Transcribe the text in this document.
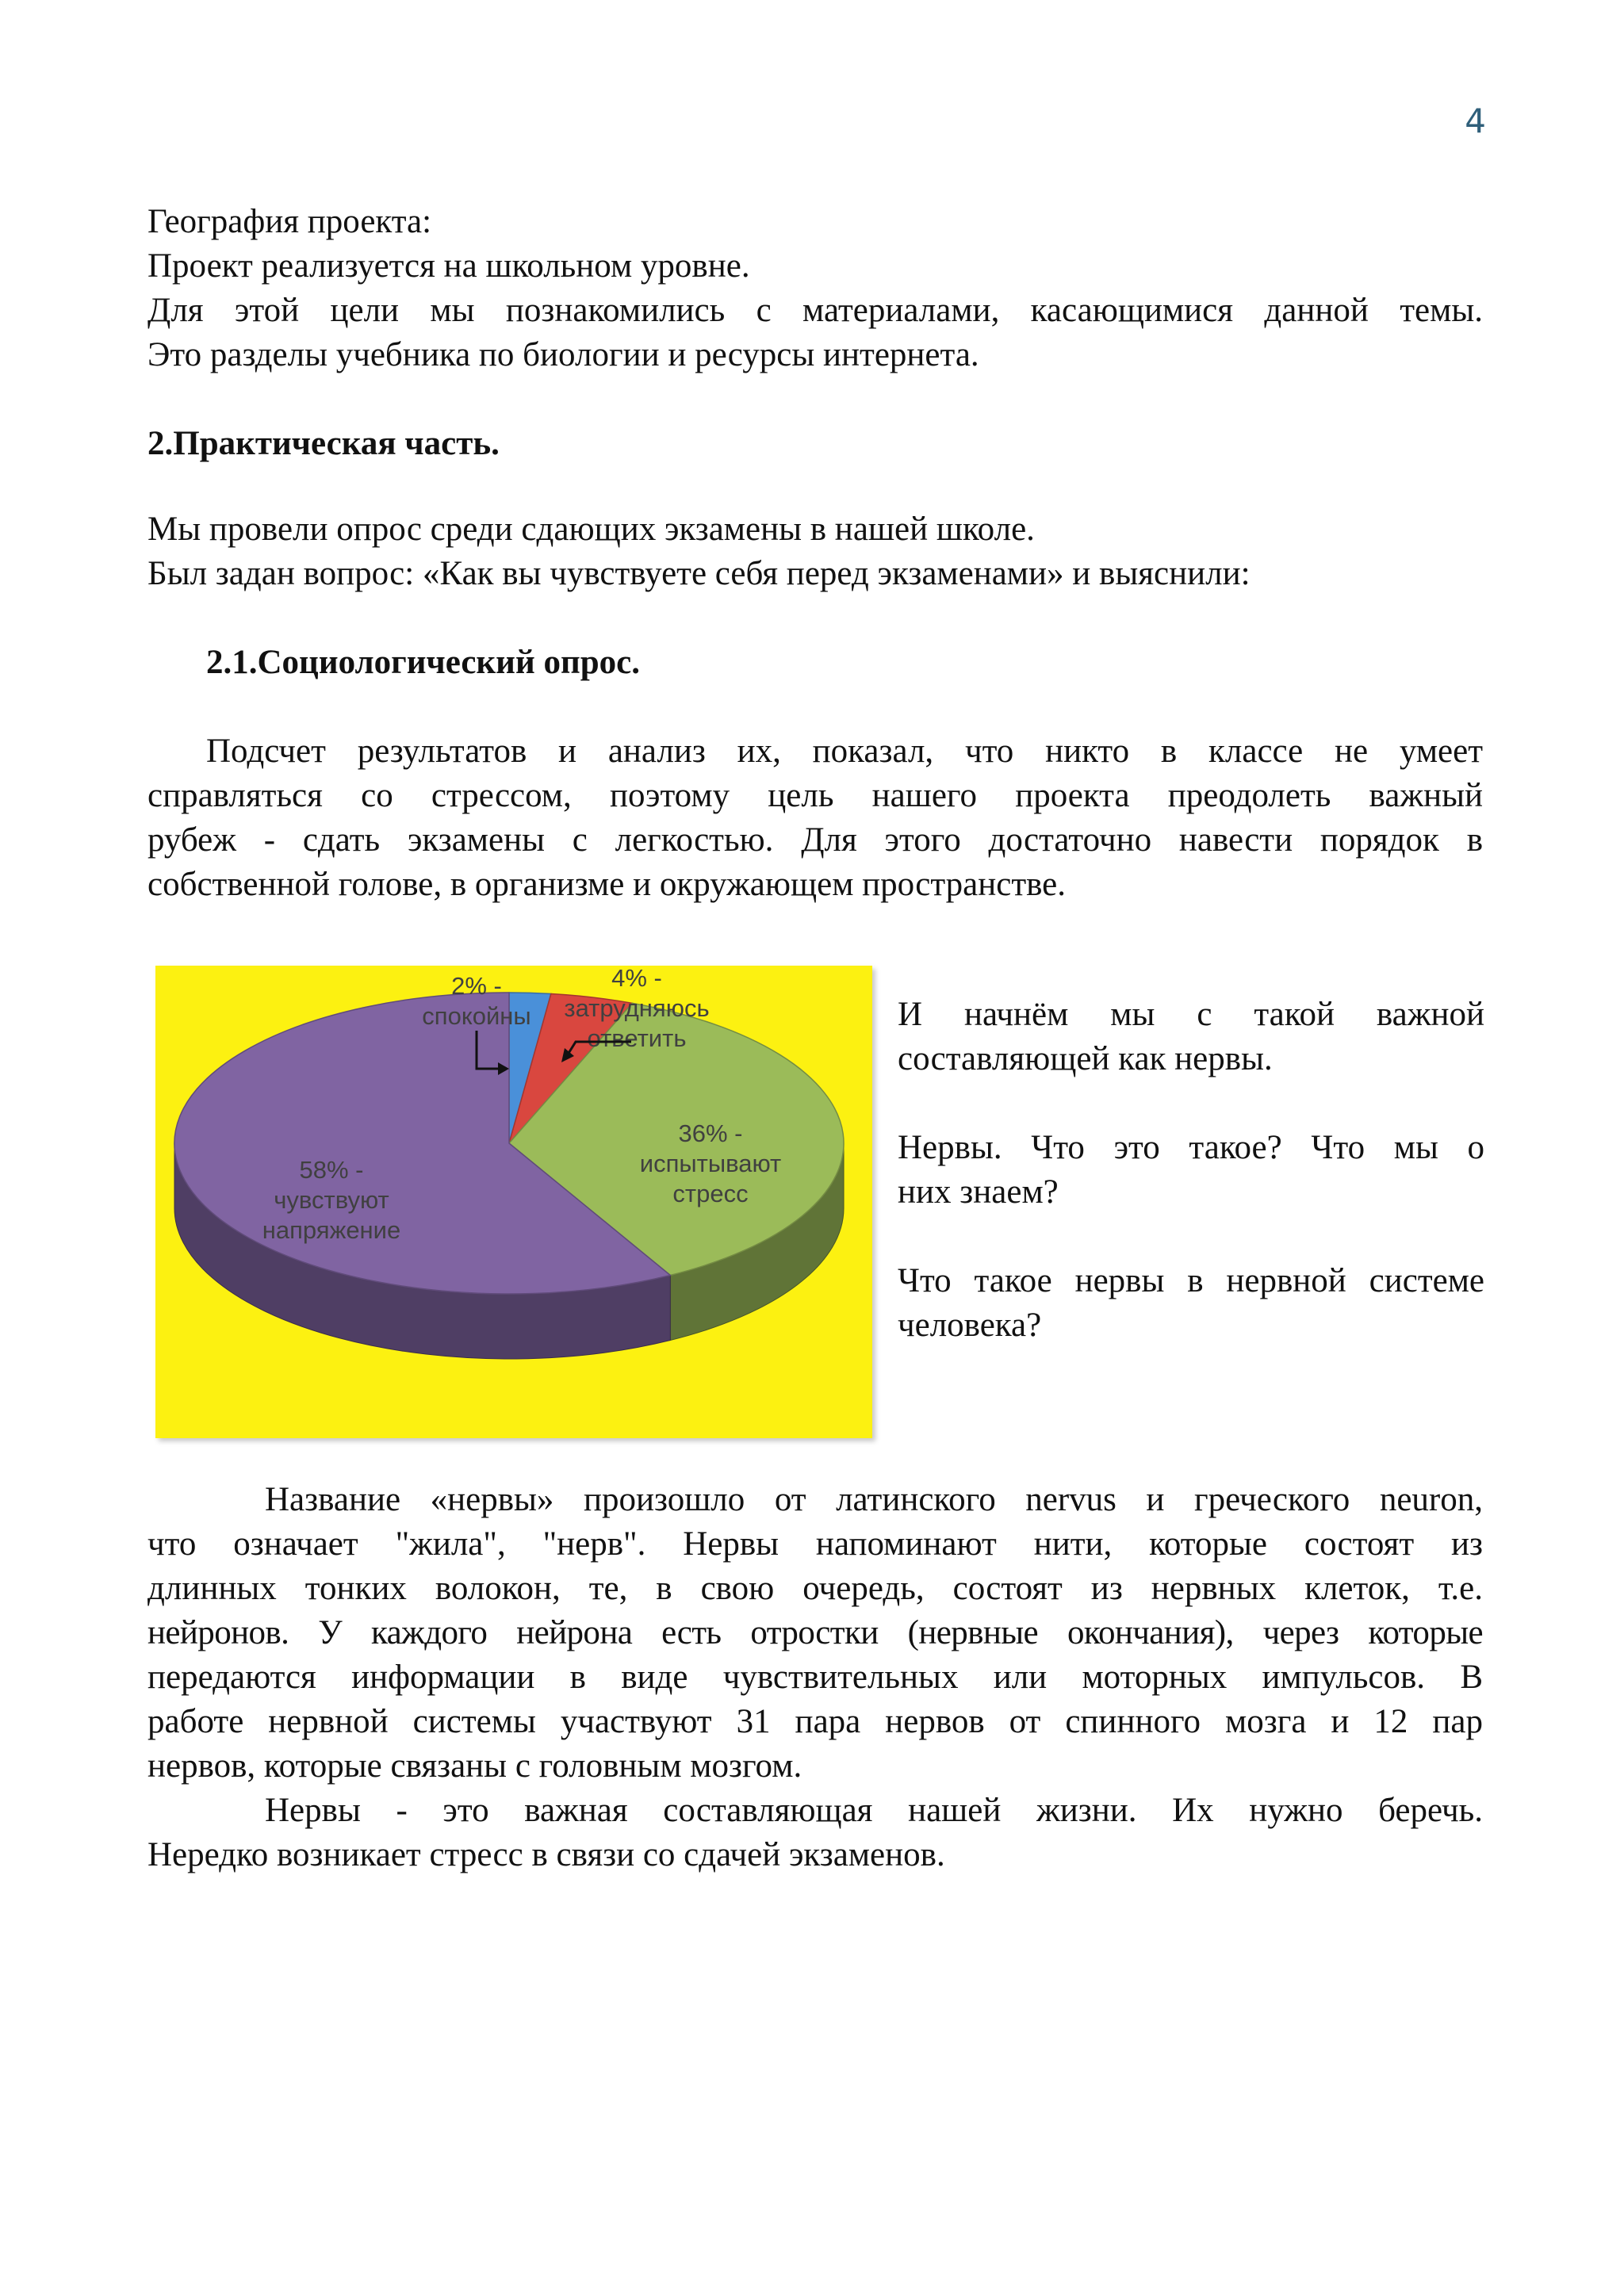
4

География проекта:

Проект реализуется на школьном уровне.

Для этой цели мы познакомились с материалами, касающимися данной темы.

Это разделы учебника по биологии и ресурсы интернета.

2.Практическая часть.

Мы провели опрос среди сдающих экзамены в нашей школе.

Был задан вопрос: «Как вы чувствуете себя перед экзаменами» и выяснили:

2.1.Социологический опрос.

Подсчет результатов и анализ их, показал, что никто в классе не умеет

справляться со стрессом, поэтому цель нашего проекта преодолеть важный

рубеж - сдать экзамены с легкостью. Для этого достаточно навести порядок в

собственной голове, в организме и окружающем пространстве.

2% -
спокойны
4% -
затрудняюсь
ответить
36% -
испытывают
стресс
58% -
чувствуют
напряжение

И начнём мы с такой важной

составляющей как нервы.

Нервы. Что это такое? Что мы о

них знаем?

Что такое нервы в нервной системе

человека?

Название «нервы» произошло от латинского nervus и греческого neuron,

что означает "жила", "нерв". Нервы напоминают нити, которые состоят из

длинных тонких волокон, те, в свою очередь, состоят из нервных клеток, т.е.

нейронов. У каждого нейрона есть отростки (нервные окончания), через которые

передаются информации в виде чувствительных или моторных импульсов. В

работе нервной системы участвуют 31 пара нервов от спинного мозга и 12 пар

нервов, которые связаны с головным мозгом.

Нервы - это важная составляющая нашей жизни. Их нужно беречь.

Нередко возникает стресс в связи со сдачей экзаменов.
